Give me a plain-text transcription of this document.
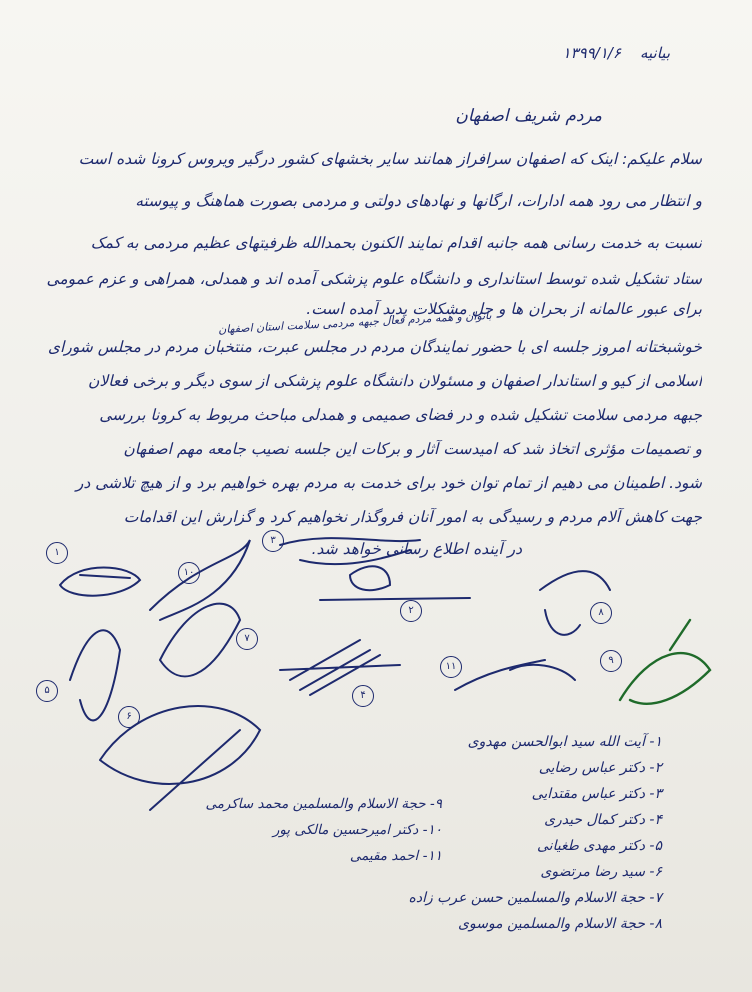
بیانیه    ۱۳۹۹/۱/۶
مردم شریف اصفهان
سلام علیکم: اینک که اصفهان سرافراز همانند سایر بخشهای کشور درگیر ویروس کرونا شده است
و انتظار می رود همه ادارات، ارگانها و نهادهای دولتی و مردمی بصورت هماهنگ و پیوسته
نسبت به خدمت رسانی همه جانبه اقدام نمایند الکنون بحمدالله ظرفیتهای عظیم مردمی به کمک
ستاد تشکیل شده توسط استانداری و دانشگاه علوم پزشکی آمده اند و همدلی، همراهی و عزم عمومی
برای عبور عالمانه از بحران ها و حل مشکلات پدید آمده است.
بانوان و همه مردم فعال جبهه مردمی سلامت استان اصفهان
خوشبختانه امروز جلسه ای با حضور نمایندگان مردم در مجلس عبرت، منتخبان مردم در مجلس شورای
اسلامی از کیو و استاندار اصفهان و مسئولان دانشگاه علوم پزشکی از سوی دیگر و برخی فعالان
جبهه مردمی سلامت تشکیل شده و در فضای صمیمی و همدلی مباحث مربوط به کرونا بررسی
و تصمیمات مؤثری اتخاذ شد که امیدست آثار و برکات این جلسه نصیب جامعه مهم اصفهان
شود. اطمینان می دهیم از تمام توان خود برای خدمت به مردم بهره خواهیم برد و از هیچ تلاشی در
جهت کاهش آلام مردم و رسیدگی به امور آنان فروگذار نخواهیم کرد و گزارش این اقدامات
در آینده اطلاع رسانی خواهد شد.
۱
۲
۴
۵
۶
۷
۸
۹
۱۰
۱۱
۳
۱- آیت الله سید ابوالحسن مهدوی
۲- دکتر عباس رضایی
۳- دکتر عباس مقتدایی
۴- دکتر کمال حیدری
۵- دکتر مهدی طغیانی
۶- سید رضا مرتضوی
۷- حجة الاسلام والمسلمین حسن عرب زاده
۸- حجة الاسلام والمسلمین موسوی
۹- حجة الاسلام والمسلمین محمد ساکرمی
۱۰- دکتر امیرحسین مالکی پور
۱۱- احمد مقیمی
